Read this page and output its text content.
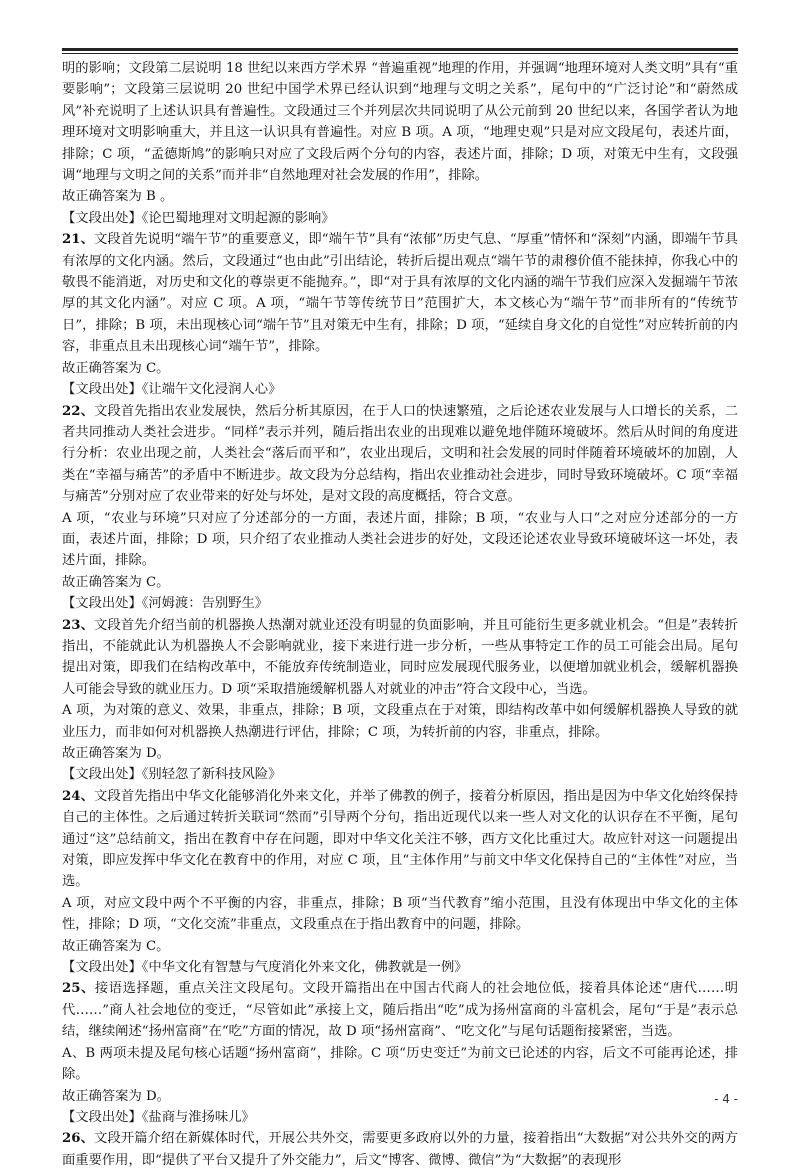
明的影响；文段第二层说明 18 世纪以来西方学术界 “普遍重视”地理的作用，并强调“地理环境对人类文明”具有“重要影响”；文段第三层说明 20 世纪中国学术界已经认识到“地理与文明之关系”，尾句中的“广泛讨论”和“蔚然成风”补充说明了上述认识具有普遍性。文段通过三个并列层次共同说明了从公元前到 20 世纪以来，各国学者认为地理环境对文明影响重大，并且这一认识具有普遍性。对应 B 项。A 项，“地理史观”只是对应文段尾句，表述片面，排除；C 项，“孟德斯鸠”的影响只对应了文段后两个分句的内容，表述片面，排除；D 项，对策无中生有，文段强调“地理与文明之间的关系”而并非“自然地理对社会发展的作用”，排除。

故正确答案为 B 。

【文段出处】《论巴蜀地理对文明起源的影响》

21、文段首先说明“端午节”的重要意义，即“端午节”具有“浓郁”历史气息、“厚重”情怀和“深刻”内涵，即端午节具有浓厚的文化内涵。然后，文段通过“也由此”引出结论，转折后提出观点“端午节的肃穆价值不能抹掉，你我心中的敬畏不能消逝，对历史和文化的尊崇更不能抛弃。”，即“对于具有浓厚的文化内涵的端午节我们应深入发掘端午节浓厚的其文化内涵”。对应 C 项。A 项，“端午节等传统节日”范围扩大，本文核心为“端午节”而非所有的“传统节日”，排除；B 项，未出现核心词“端午节”且对策无中生有，排除；D 项，“延续自身文化的自觉性”对应转折前的内容，非重点且未出现核心词“端午节”，排除。

故正确答案为 C。

【文段出处】《让端午文化浸润人心》

22、文段首先指出农业发展快，然后分析其原因，在于人口的快速繁殖，之后论述农业发展与人口增长的关系，二者共同推动人类社会进步。“同样”表示并列，随后指出农业的出现难以避免地伴随环境破坏。然后从时间的角度进行分析：农业出现之前，人类社会“落后而平和”，农业出现后，文明和社会发展的同时伴随着环境破坏的加剧，人类在“幸福与痛苦”的矛盾中不断进步。故文段为分总结构，指出农业推动社会进步，同时导致环境破坏。C 项“幸福与痛苦”分别对应了农业带来的好处与坏处，是对文段的高度概括，符合文意。

A 项，“农业与环境”只对应了分述部分的一方面，表述片面，排除；B 项，“农业与人口”之对应分述部分的一方面，表述片面，排除；D 项，只介绍了农业推动人类社会进步的好处，文段还论述农业导致环境破坏这一坏处，表述片面，排除。

故正确答案为 C。

【文段出处】《河姆渡：告别野生》

23、文段首先介绍当前的机器换人热潮对就业还没有明显的负面影响，并且可能衍生更多就业机会。“但是”表转折指出，不能就此认为机器换人不会影响就业，接下来进行进一步分析，一些从事特定工作的员工可能会出局。尾句提出对策，即我们在结构改革中，不能放弃传统制造业，同时应发展现代服务业，以便增加就业机会，缓解机器换人可能会导致的就业压力。D 项“采取措施缓解机器人对就业的冲击”符合文段中心，当选。

A 项，为对策的意义、效果，非重点，排除；B 项，文段重点在于对策，即结构改革中如何缓解机器换人导致的就业压力，而非如何对机器换人热潮进行评估，排除；C 项，为转折前的内容，非重点，排除。

故正确答案为 D。

【文段出处】《别轻忽了新科技风险》

24、文段首先指出中华文化能够消化外来文化，并举了佛教的例子，接着分析原因，指出是因为中华文化始终保持自己的主体性。之后通过转折关联词“然而”引导两个分句，指出近现代以来一些人对文化的认识存在不平衡，尾句通过“这”总结前文，指出在教育中存在问题，即对中华文化关注不够，西方文化比重过大。故应针对这一问题提出对策，即应发挥中华文化在教育中的作用，对应 C 项，且“主体作用”与前文中华文化保持自己的“主体性”对应，当选。

A 项，对应文段中两个不平衡的内容，非重点，排除；B 项“当代教育”缩小范围，且没有体现出中华文化的主体性，排除；D 项，“文化交流”非重点，文段重点在于指出教育中的问题，排除。

故正确答案为 C。

【文段出处】《中华文化有智慧与气度消化外来文化，佛教就是一例》

25、接语选择题，重点关注文段尾句。文段开篇指出在中国古代商人的社会地位低，接着具体论述“唐代……明代……”商人社会地位的变迁，“尽管如此”承接上文，随后指出“吃”成为扬州富商的斗富机会，尾句“于是”表示总结，继续阐述“扬州富商”在“吃”方面的情况，故 D 项“扬州富商”、“吃文化”与尾句话题衔接紧密，当选。

A、B 两项未提及尾句核心话题“扬州富商”，排除。C 项“历史变迁”为前文已论述的内容，后文不可能再论述，排除。

故正确答案为 D。

【文段出处】《盐商与淮扬味儿》

26、文段开篇介绍在新媒体时代，开展公共外交，需要更多政府以外的力量，接着指出“大数据”对公共外交的两方面重要作用，即“提供了平台又提升了外交能力”，后文“博客、微博、微信”为“大数据”的表现形

- 4 -
